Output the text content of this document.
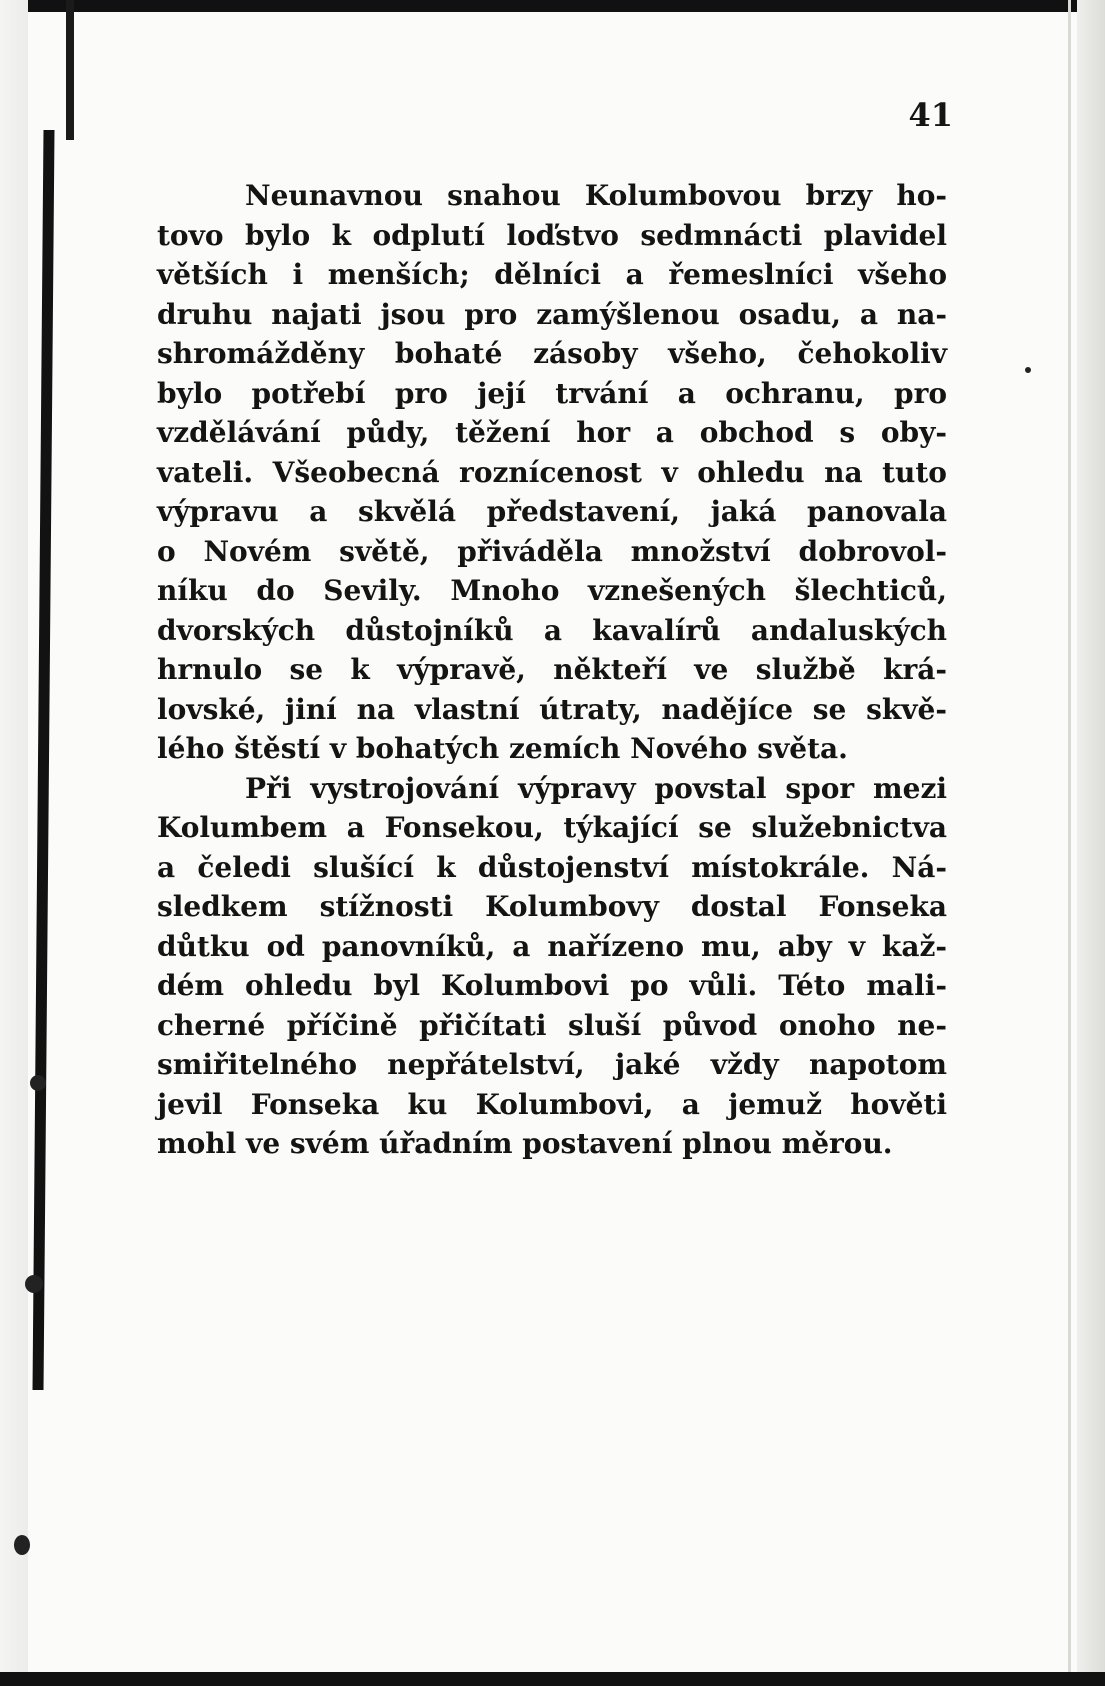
41
Neunavnou snahou Kolumbovou brzy ho-
tovo bylo k odplutí loďstvo sedmnácti plavidel
větších i menších; dělníci a řemeslníci všeho
druhu najati jsou pro zamýšlenou osadu, a na-
shromážděny bohaté zásoby všeho, čehokoliv
bylo potřebí pro její trvání a ochranu, pro
vzdělávání půdy, těžení hor a obchod s oby-
vateli. Všeobecná roznícenost v ohledu na tuto
výpravu a skvělá představení, jaká panovala
o Novém světě, přiváděla množství dobrovol-
níku do Sevily. Mnoho vznešených šlechticů,
dvorských důstojníků a kavalírů andaluských
hrnulo se k výpravě, někteří ve službě krá-
lovské, jiní na vlastní útraty, nadějíce se skvě-
lého štěstí v bohatých zemích Nového světa.
Při vystrojování výpravy povstal spor mezi
Kolumbem a Fonsekou, týkající se služebnictva
a čeledi slušící k důstojenství místokrále. Ná-
sledkem stížnosti Kolumbovy dostal Fonseka
důtku od panovníků, a nařízeno mu, aby v kaž-
dém ohledu byl Kolumbovi po vůli. Této mali-
cherné příčině přičítati sluší původ onoho ne-
smiřitelného nepřátelství, jaké vždy napotom
jevil Fonseka ku Kolumbovi, a jemuž hověti
mohl ve svém úřadním postavení plnou měrou.
